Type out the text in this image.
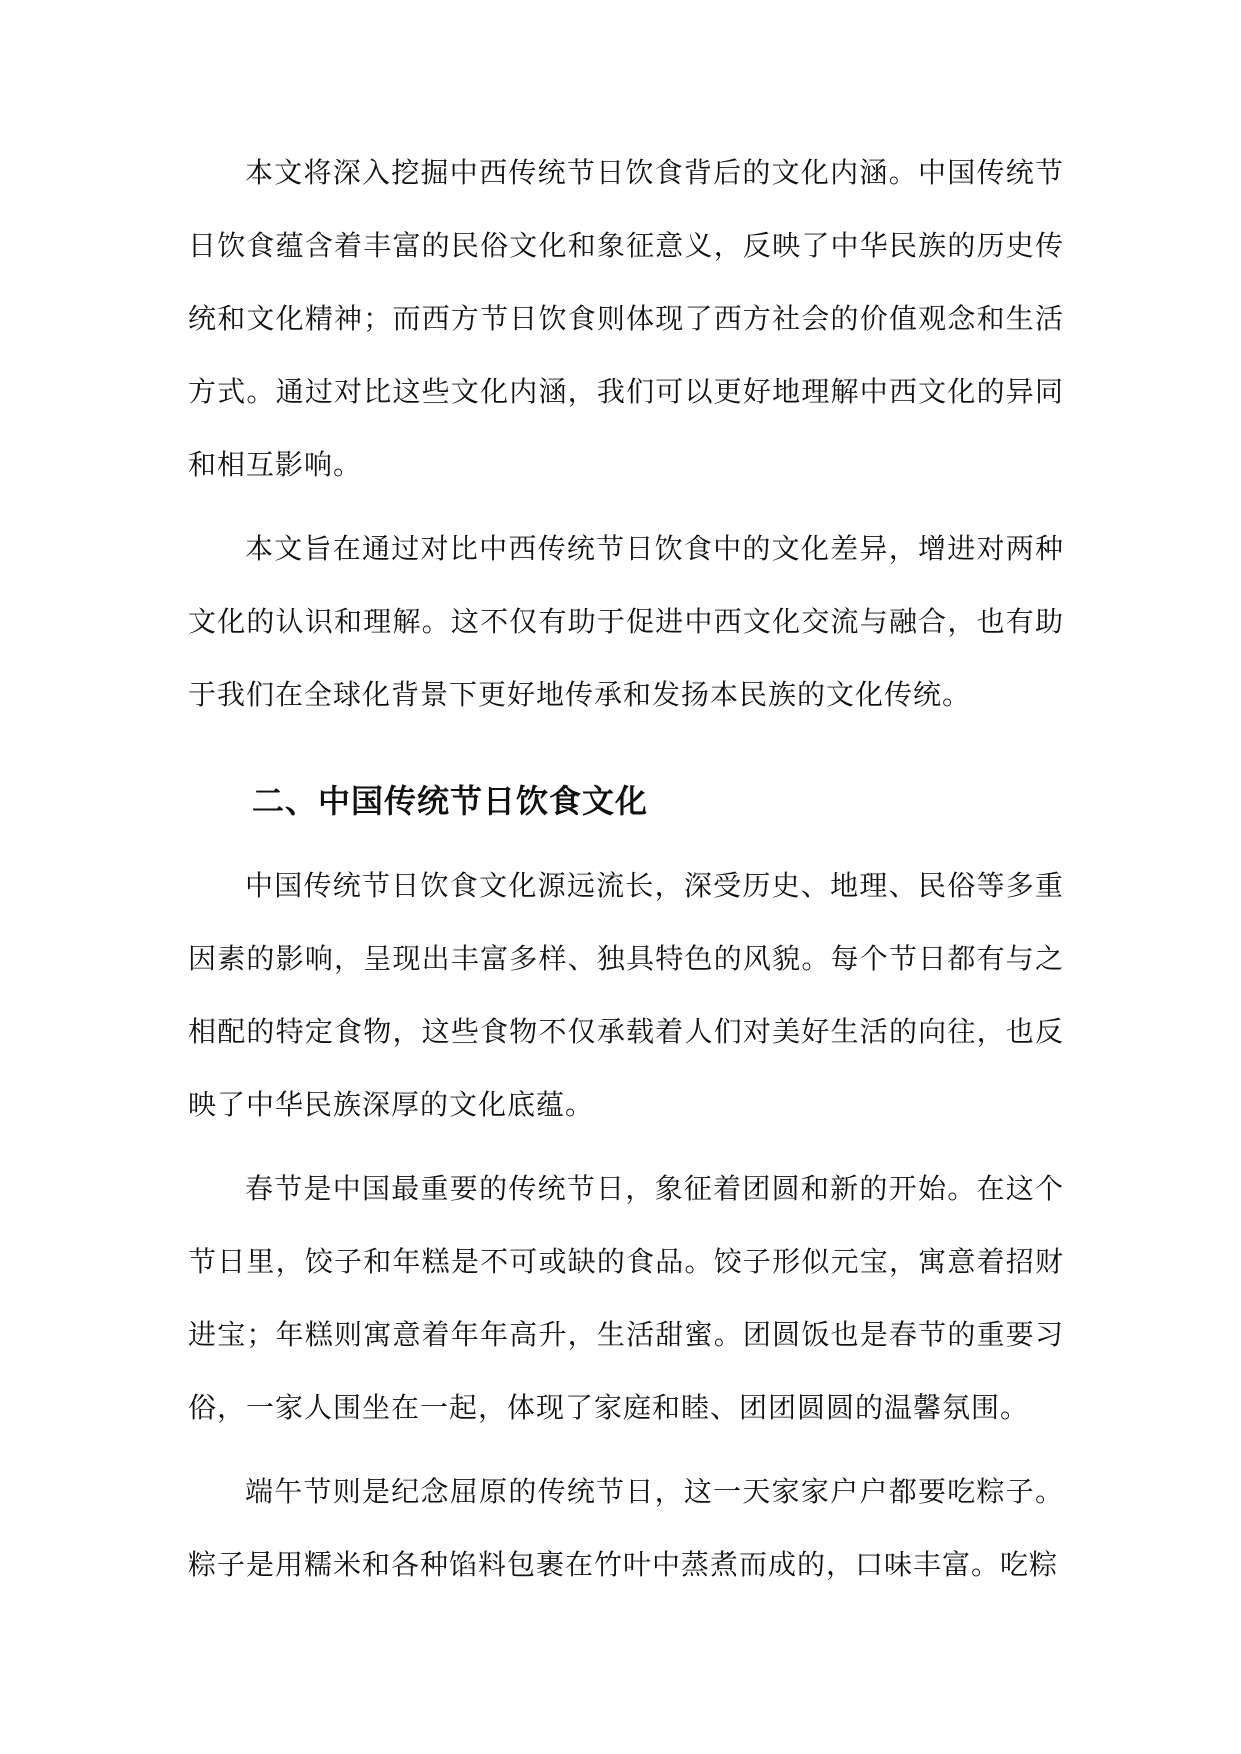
本文将深入挖掘中西传统节日饮食背后的文化内涵。中国传统节日饮食蕴含着丰富的民俗文化和象征意义，反映了中华民族的历史传统和文化精神；而西方节日饮食则体现了西方社会的价值观念和生活方式。通过对比这些文化内涵，我们可以更好地理解中西文化的异同和相互影响。

本文旨在通过对比中西传统节日饮食中的文化差异，增进对两种文化的认识和理解。这不仅有助于促进中西文化交流与融合，也有助于我们在全球化背景下更好地传承和发扬本民族的文化传统。

二、中国传统节日饮食文化

中国传统节日饮食文化源远流长，深受历史、地理、民俗等多重因素的影响，呈现出丰富多样、独具特色的风貌。每个节日都有与之相配的特定食物，这些食物不仅承载着人们对美好生活的向往，也反映了中华民族深厚的文化底蕴。

春节是中国最重要的传统节日，象征着团圆和新的开始。在这个节日里，饺子和年糕是不可或缺的食品。饺子形似元宝，寓意着招财进宝；年糕则寓意着年年高升，生活甜蜜。团圆饭也是春节的重要习俗，一家人围坐在一起，体现了家庭和睦、团团圆圆的温馨氛围。

端午节则是纪念屈原的传统节日，这一天家家户户都要吃粽子。粽子是用糯米和各种馅料包裹在竹叶中蒸煮而成的，口味丰富。吃粽
